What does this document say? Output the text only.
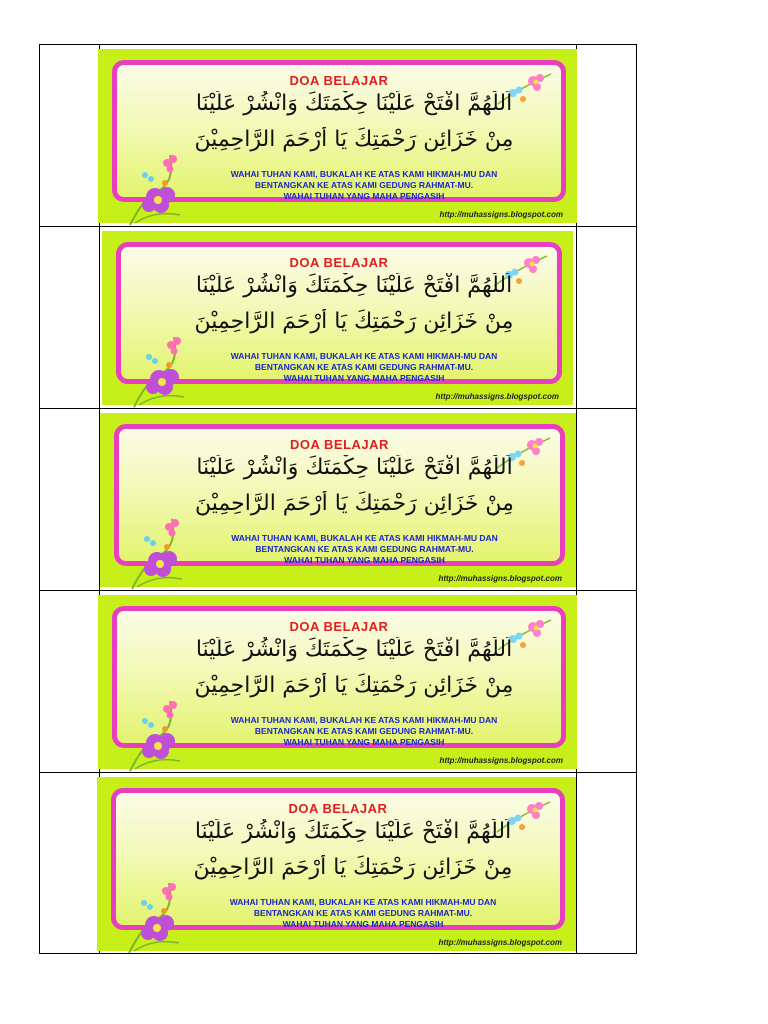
DOA BELAJAR
اَللّٰهُمَّ افْتَحْ عَلَيْنَا حِكْمَتَكَ وَانْشُرْ عَلَيْنَا
مِنْ خَزَائِنِ رَحْمَتِكَ يَا أَرْحَمَ الرَّاحِمِيْنَ
WAHAI TUHAN KAMI, BUKALAH KE ATAS KAMI HIKMAH-MU DAN
BENTANGKAN KE ATAS KAMI GEDUNG RAHMAT-MU.
WAHAI TUHAN YANG MAHA PENGASIH
http://muhassigns.blogspot.com
DOA BELAJAR
اَللّٰهُمَّ افْتَحْ عَلَيْنَا حِكْمَتَكَ وَانْشُرْ عَلَيْنَا
مِنْ خَزَائِنِ رَحْمَتِكَ يَا أَرْحَمَ الرَّاحِمِيْنَ
WAHAI TUHAN KAMI, BUKALAH KE ATAS KAMI HIKMAH-MU DAN
BENTANGKAN KE ATAS KAMI GEDUNG RAHMAT-MU.
WAHAI TUHAN YANG MAHA PENGASIH
http://muhassigns.blogspot.com
DOA BELAJAR
اَللّٰهُمَّ افْتَحْ عَلَيْنَا حِكْمَتَكَ وَانْشُرْ عَلَيْنَا
مِنْ خَزَائِنِ رَحْمَتِكَ يَا أَرْحَمَ الرَّاحِمِيْنَ
WAHAI TUHAN KAMI, BUKALAH KE ATAS KAMI HIKMAH-MU DAN
BENTANGKAN KE ATAS KAMI GEDUNG RAHMAT-MU.
WAHAI TUHAN YANG MAHA PENGASIH
http://muhassigns.blogspot.com
DOA BELAJAR
اَللّٰهُمَّ افْتَحْ عَلَيْنَا حِكْمَتَكَ وَانْشُرْ عَلَيْنَا
مِنْ خَزَائِنِ رَحْمَتِكَ يَا أَرْحَمَ الرَّاحِمِيْنَ
WAHAI TUHAN KAMI, BUKALAH KE ATAS KAMI HIKMAH-MU DAN
BENTANGKAN KE ATAS KAMI GEDUNG RAHMAT-MU.
WAHAI TUHAN YANG MAHA PENGASIH
http://muhassigns.blogspot.com
DOA BELAJAR
اَللّٰهُمَّ افْتَحْ عَلَيْنَا حِكْمَتَكَ وَانْشُرْ عَلَيْنَا
مِنْ خَزَائِنِ رَحْمَتِكَ يَا أَرْحَمَ الرَّاحِمِيْنَ
WAHAI TUHAN KAMI, BUKALAH KE ATAS KAMI HIKMAH-MU DAN
BENTANGKAN KE ATAS KAMI GEDUNG RAHMAT-MU.
WAHAI TUHAN YANG MAHA PENGASIH
http://muhassigns.blogspot.com
